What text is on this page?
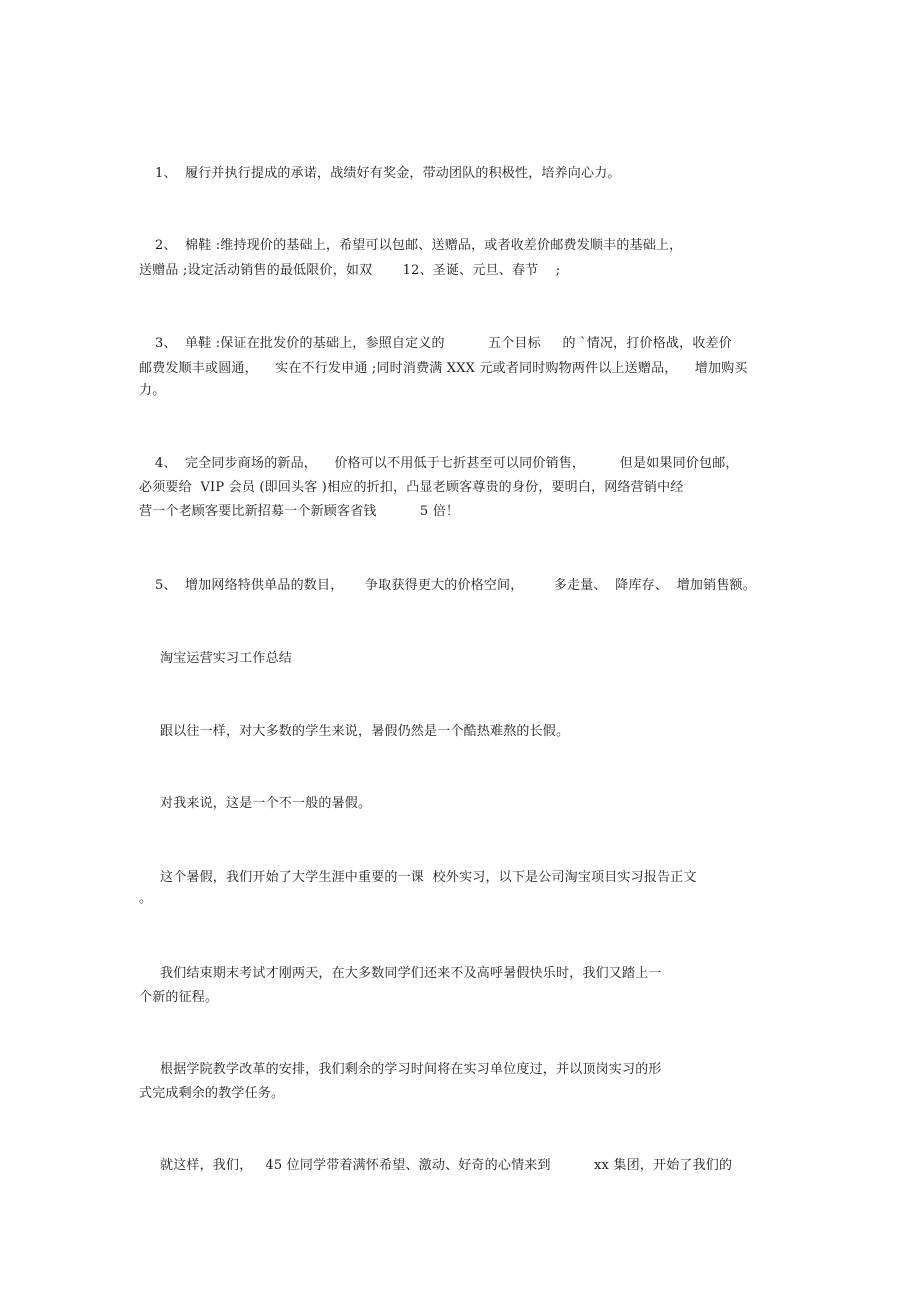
1、 履行并执行提成的承诺，战绩好有奖金，带动团队的积极性，培养向心力。
2、 棉鞋 :维持现价的基础上，希望可以包邮、送赠品，或者收差价邮费发顺丰的基础上，
送赠品 ;设定活动销售的最低限价，如双       12、圣诞、元旦、春节    ;
3、 单鞋 :保证在批发价的基础上，参照自定义的          五个目标     的 `情况，打价格战，收差价
邮费发顺丰或圆通，    实在不行发申通 ;同时消费满 XXX 元或者同时购物两件以上送赠品，    增加购买
力。
4、 完全同步商场的新品，    价格可以不用低于七折甚至可以同价销售，        但是如果同价包邮，
必须要给  VIP 会员 (即回头客 )相应的折扣，凸显老顾客尊贵的身份，要明白，网络营销中经
营一个老顾客要比新招募一个新顾客省钱          5 倍！
5、 增加网络特供单品的数目，     争取获得更大的价格空间，       多走量、  降库存、  增加销售额。
淘宝运营实习工作总结
跟以往一样，对大多数的学生来说，暑假仍然是一个酷热难熬的长假。
对我来说，这是一个不一般的暑假。
这个暑假，我们开始了大学生涯中重要的一课  校外实习，以下是公司淘宝项目实习报告正文
。
我们结束期末考试才刚两天，在大多数同学们还来不及高呼暑假快乐时，我们又踏上一
个新的征程。
根据学院教学改革的安排，我们剩余的学习时间将在实习单位度过，并以顶岗实习的形
式完成剩余的教学任务。
就这样，我们，   45 位同学带着满怀希望、激动、好奇的心情来到          xx 集团，开始了我们的
